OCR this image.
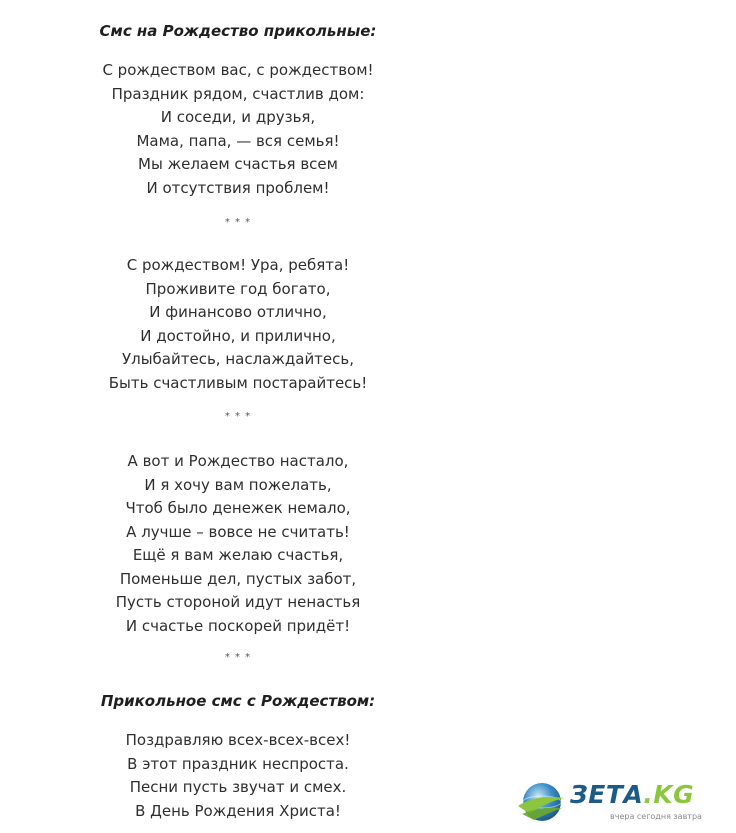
Смс на Рождество прикольные:
С рождеством вас, с рождеством!
Праздник рядом, счастлив дом:
И соседи, и друзья,
Мама, папа, — вся семья!
Мы желаем счастья всем
И отсутствия проблем!
* * *
С рождеством! Ура, ребята!
Проживите год богато,
И финансово отлично,
И достойно, и прилично,
Улыбайтесь, наслаждайтесь,
Быть счастливым постарайтесь!
* * *
А вот и Рождество настало,
И я хочу вам пожелать,
Чтоб было денежек немало,
А лучше – вовсе не считать!
Ещё я вам желаю счастья,
Поменьше дел, пустых забот,
Пусть стороной идут ненастья
И счастье поскорей придёт!
* * *
Прикольное смс с Рождеством:
Поздравляю всех-всех-всех!
В этот праздник неспроста.
Песни пусть звучат и смех.
В День Рождения Христа!
ЗЕТА.KG
вчера сегодня завтра
